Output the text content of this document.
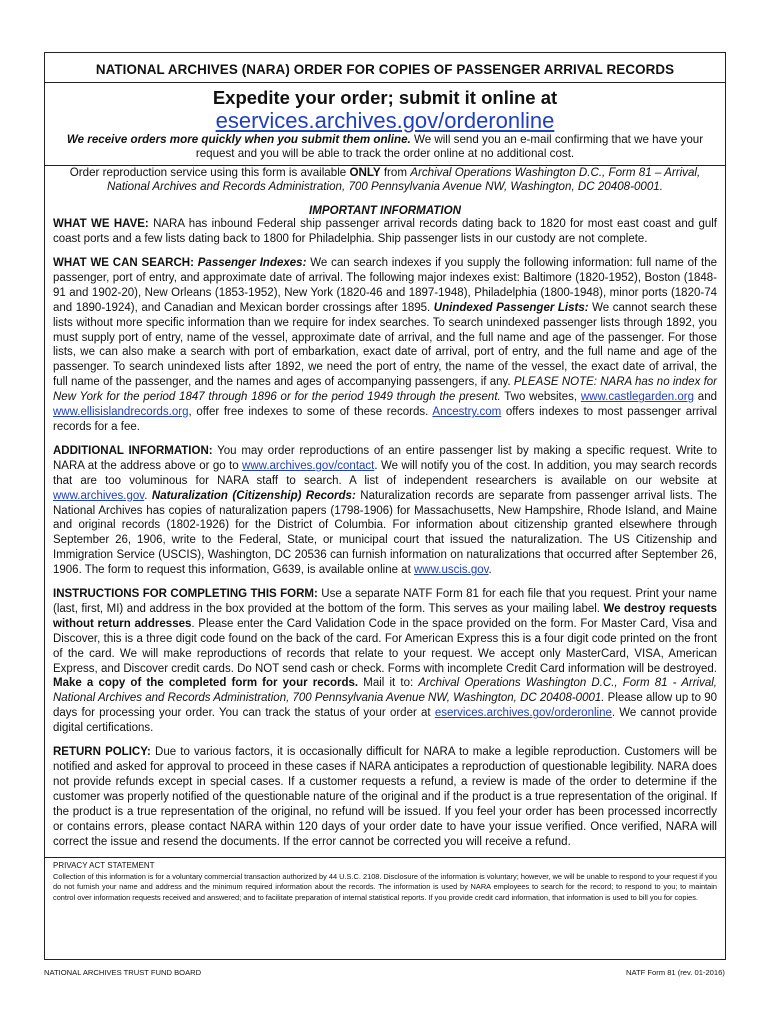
NATIONAL ARCHIVES (NARA) ORDER FOR COPIES OF PASSENGER ARRIVAL RECORDS
Expedite your order; submit it online at
eservices.archives.gov/orderonline
We receive orders more quickly when you submit them online. We will send you an e-mail confirming that we have your request and you will be able to track the order online at no additional cost.
Order reproduction service using this form is available ONLY from Archival Operations Washington D.C., Form 81 – Arrival, National Archives and Records Administration, 700 Pennsylvania Avenue NW, Washington, DC 20408-0001.
IMPORTANT INFORMATION

WHAT WE HAVE: NARA has inbound Federal ship passenger arrival records dating back to 1820 for most east coast and gulf coast ports and a few lists dating back to 1800 for Philadelphia. Ship passenger lists in our custody are not complete.

WHAT WE CAN SEARCH: Passenger Indexes: We can search indexes if you supply the following information: full name of the passenger, port of entry, and approximate date of arrival. The following major indexes exist: Baltimore (1820-1952), Boston (1848-91 and 1902-20), New Orleans (1853-1952), New York (1820-46 and 1897-1948), Philadelphia (1800-1948), minor ports (1820-74 and 1890-1924), and Canadian and Mexican border crossings after 1895. Unindexed Passenger Lists: We cannot search these lists without more specific information than we require for index searches. To search unindexed passenger lists through 1892, you must supply port of entry, name of the vessel, approximate date of arrival, and the full name and age of the passenger. For those lists, we can also make a search with port of embarkation, exact date of arrival, port of entry, and the full name and age of the passenger. To search unindexed lists after 1892, we need the port of entry, the name of the vessel, the exact date of arrival, the full name of the passenger, and the names and ages of accompanying passengers, if any. PLEASE NOTE: NARA has no index for New York for the period 1847 through 1896 or for the period 1949 through the present. Two websites, www.castlegarden.org and www.ellisislandrecords.org, offer free indexes to some of these records. Ancestry.com offers indexes to most passenger arrival records for a fee.

ADDITIONAL INFORMATION: You may order reproductions of an entire passenger list by making a specific request. Write to NARA at the address above or go to www.archives.gov/contact. We will notify you of the cost. In addition, you may search records that are too voluminous for NARA staff to search. A list of independent researchers is available on our website at www.archives.gov. Naturalization (Citizenship) Records: Naturalization records are separate from passenger arrival lists. The National Archives has copies of naturalization papers (1798-1906) for Massachusetts, New Hampshire, Rhode Island, and Maine and original records (1802-1926) for the District of Columbia. For information about citizenship granted elsewhere through September 26, 1906, write to the Federal, State, or municipal court that issued the naturalization. The US Citizenship and Immigration Service (USCIS), Washington, DC 20536 can furnish information on naturalizations that occurred after September 26, 1906. The form to request this information, G639, is available online at www.uscis.gov.

INSTRUCTIONS FOR COMPLETING THIS FORM: Use a separate NATF Form 81 for each file that you request. Print your name (last, first, MI) and address in the box provided at the bottom of the form. This serves as your mailing label. We destroy requests without return addresses. Please enter the Card Validation Code in the space provided on the form. For Master Card, Visa and Discover, this is a three digit code found on the back of the card. For American Express this is a four digit code printed on the front of the card. We will make reproductions of records that relate to your request. We accept only MasterCard, VISA, American Express, and Discover credit cards. Do NOT send cash or check. Forms with incomplete Credit Card information will be destroyed. Make a copy of the completed form for your records. Mail it to: Archival Operations Washington D.C., Form 81 - Arrival, National Archives and Records Administration, 700 Pennsylvania Avenue NW, Washington, DC 20408-0001. Please allow up to 90 days for processing your order. You can track the status of your order at eservices.archives.gov/orderonline. We cannot provide digital certifications.

RETURN POLICY: Due to various factors, it is occasionally difficult for NARA to make a legible reproduction. Customers will be notified and asked for approval to proceed in these cases if NARA anticipates a reproduction of questionable legibility. NARA does not provide refunds except in special cases. If a customer requests a refund, a review is made of the order to determine if the customer was properly notified of the questionable nature of the original and if the product is a true representation of the original. If the product is a true representation of the original, no refund will be issued. If you feel your order has been processed incorrectly or contains errors, please contact NARA within 120 days of your order date to have your issue verified. Once verified, NARA will correct the issue and resend the documents. If the error cannot be corrected you will receive a refund.

PRIVACY ACT STATEMENT
Collection of this information is for a voluntary commercial transaction authorized by 44 U.S.C. 2108. Disclosure of the information is voluntary; however, we will be unable to respond to your request if you do not furnish your name and address and the minimum required information about the records. The information is used by NARA employees to search for the record; to respond to you; to maintain control over information requests received and answered; and to facilitate preparation of internal statistical reports. If you provide credit card information, that information is used to bill you for copies.
NATIONAL ARCHIVES TRUST FUND BOARD	NATF Form 81 (rev. 01-2016)
